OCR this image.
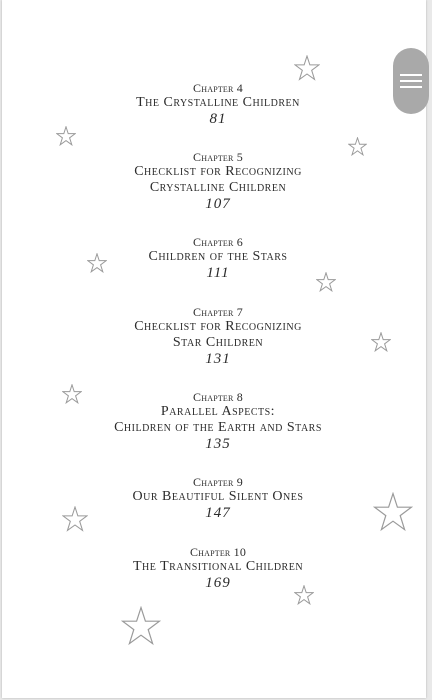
Chapter 4
The Crystalline Children
81
Chapter 5
Checklist for Recognizing
Crystalline Children
107
Chapter 6
Children of the Stars
111
Chapter 7
Checklist for Recognizing
Star Children
131
Chapter 8
Parallel Aspects:
Children of the Earth and Stars
135
Chapter 9
Our Beautiful Silent Ones
147
Chapter 10
The Transitional Children
169
